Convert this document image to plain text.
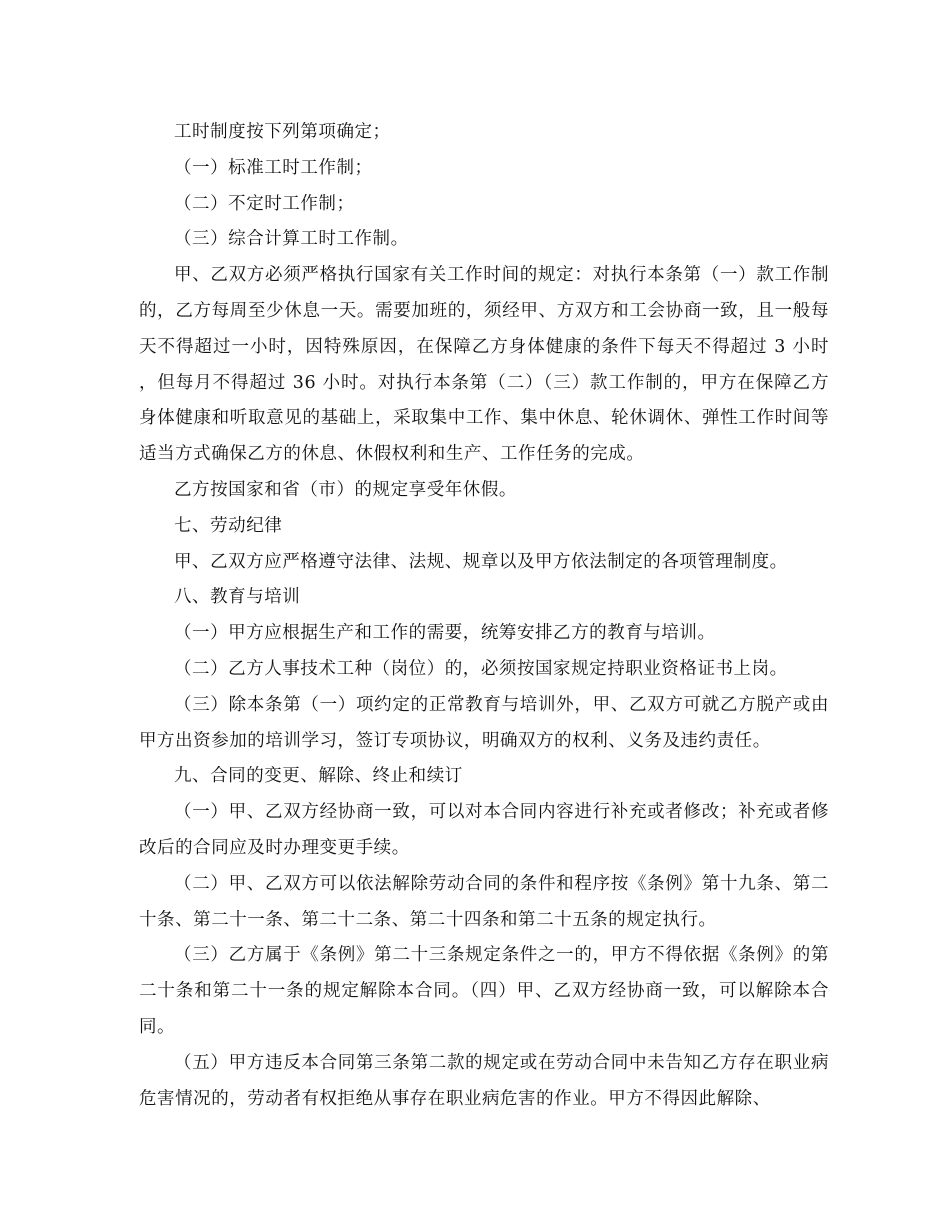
工时制度按下列第项确定；

（一）标准工时工作制；

（二）不定时工作制；

（三）综合计算工时工作制。

甲、乙双方必须严格执行国家有关工作时间的规定：对执行本条第（一）款工作制的，乙方每周至少休息一天。需要加班的，须经甲、方双方和工会协商一致，且一般每天不得超过一小时，因特殊原因，在保障乙方身体健康的条件下每天不得超过 3 小时，但每月不得超过 36 小时。对执行本条第（二）（三）款工作制的，甲方在保障乙方身体健康和听取意见的基础上，采取集中工作、集中休息、轮休调休、弹性工作时间等适当方式确保乙方的休息、休假权利和生产、工作任务的完成。

乙方按国家和省（市）的规定享受年休假。

七、劳动纪律

甲、乙双方应严格遵守法律、法规、规章以及甲方依法制定的各项管理制度。

八、教育与培训

（一）甲方应根据生产和工作的需要，统筹安排乙方的教育与培训。

（二）乙方人事技术工种（岗位）的，必须按国家规定持职业资格证书上岗。

（三）除本条第（一）项约定的正常教育与培训外，甲、乙双方可就乙方脱产或由甲方出资参加的培训学习，签订专项协议，明确双方的权利、义务及违约责任。

九、合同的变更、解除、终止和续订

（一）甲、乙双方经协商一致，可以对本合同内容进行补充或者修改；补充或者修改后的合同应及时办理变更手续。

（二）甲、乙双方可以依法解除劳动合同的条件和程序按《条例》第十九条、第二十条、第二十一条、第二十二条、第二十四条和第二十五条的规定执行。

（三）乙方属于《条例》第二十三条规定条件之一的，甲方不得依据《条例》的第二十条和第二十一条的规定解除本合同。（四）甲、乙双方经协商一致，可以解除本合同。

（五）甲方违反本合同第三条第二款的规定或在劳动合同中未告知乙方存在职业病危害情况的，劳动者有权拒绝从事存在职业病危害的作业。甲方不得因此解除、
